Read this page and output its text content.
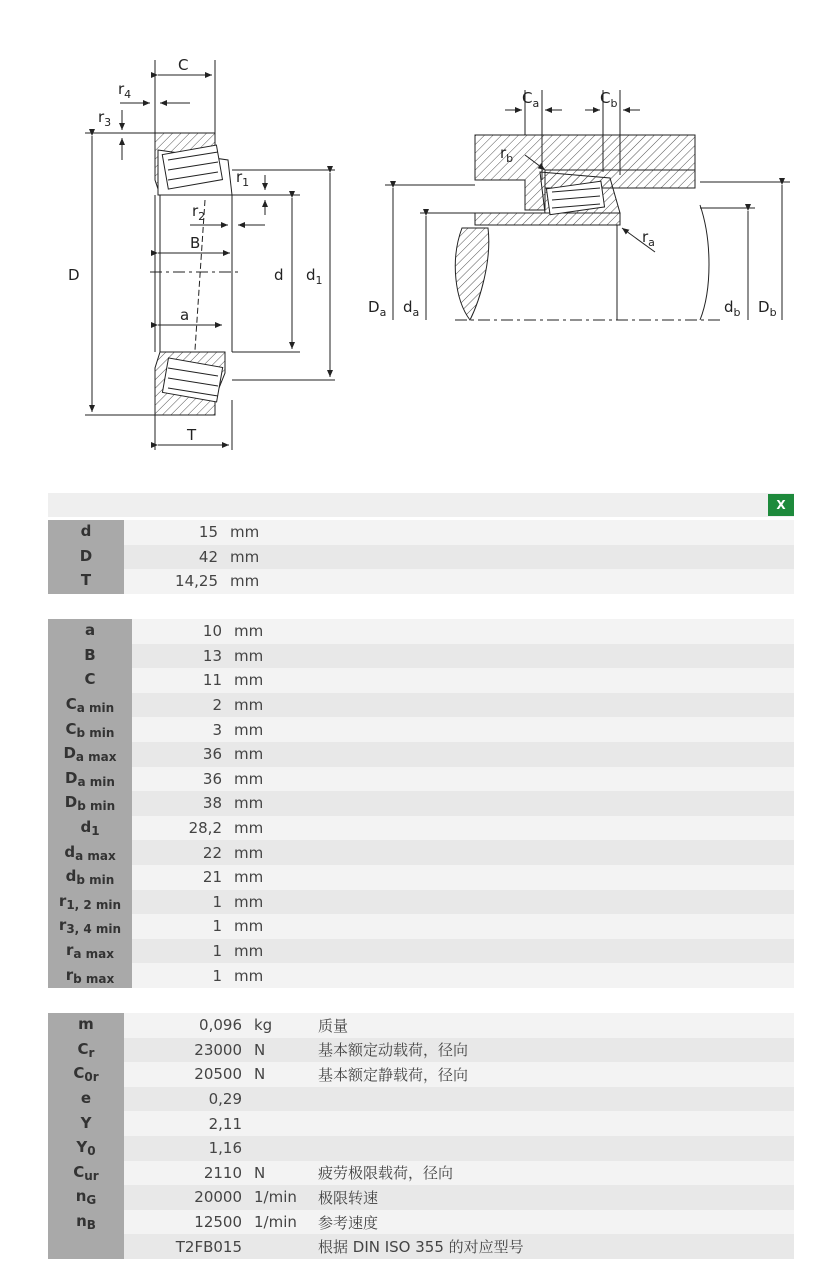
C
$r_4$
$r_3$
D
$r_1$
$r_2$
B
d $d_1$
a
T
$C_a$	$C_b$
$r_b$
$r_a$
$D_a$ $d_a$	$d_b$ $D_b$
X
d	15	mm	
D	42	mm	
T	14,25	mm	
a	10	mm	
B	13	mm	
C	11	mm	
$C_{a min}$	2	mm	
$C_{b min}$	3	mm	
$D_{a max}$	36	mm	
$D_{a min}$	36	mm	
$D_{b min}$	38	mm	
$d_1$	28,2	mm	
$d_{a max}$	22	mm	
$d_{b min}$	21	mm	
$r_{1, 2 min}$	1	mm	
$r_{3, 4 min}$	1	mm	
$r_{a max}$	1	mm	
$r_{b max}$	1	mm	
m	0,096	kg	质量
$C_r$	23000	N	基本额定动载荷，径向
$C_{0r}$	20500	N	基本额定静载荷，径向
e	0,29		
Y	2,11		
$Y_0$	1,16		
$C_{ur}$	2110	N	疲劳极限载荷，径向
$n_G$	20000	1/min	极限转速
$n_B$	12500	1/min	参考速度
	T2FB015		根据 DIN ISO 355 的对应型号
